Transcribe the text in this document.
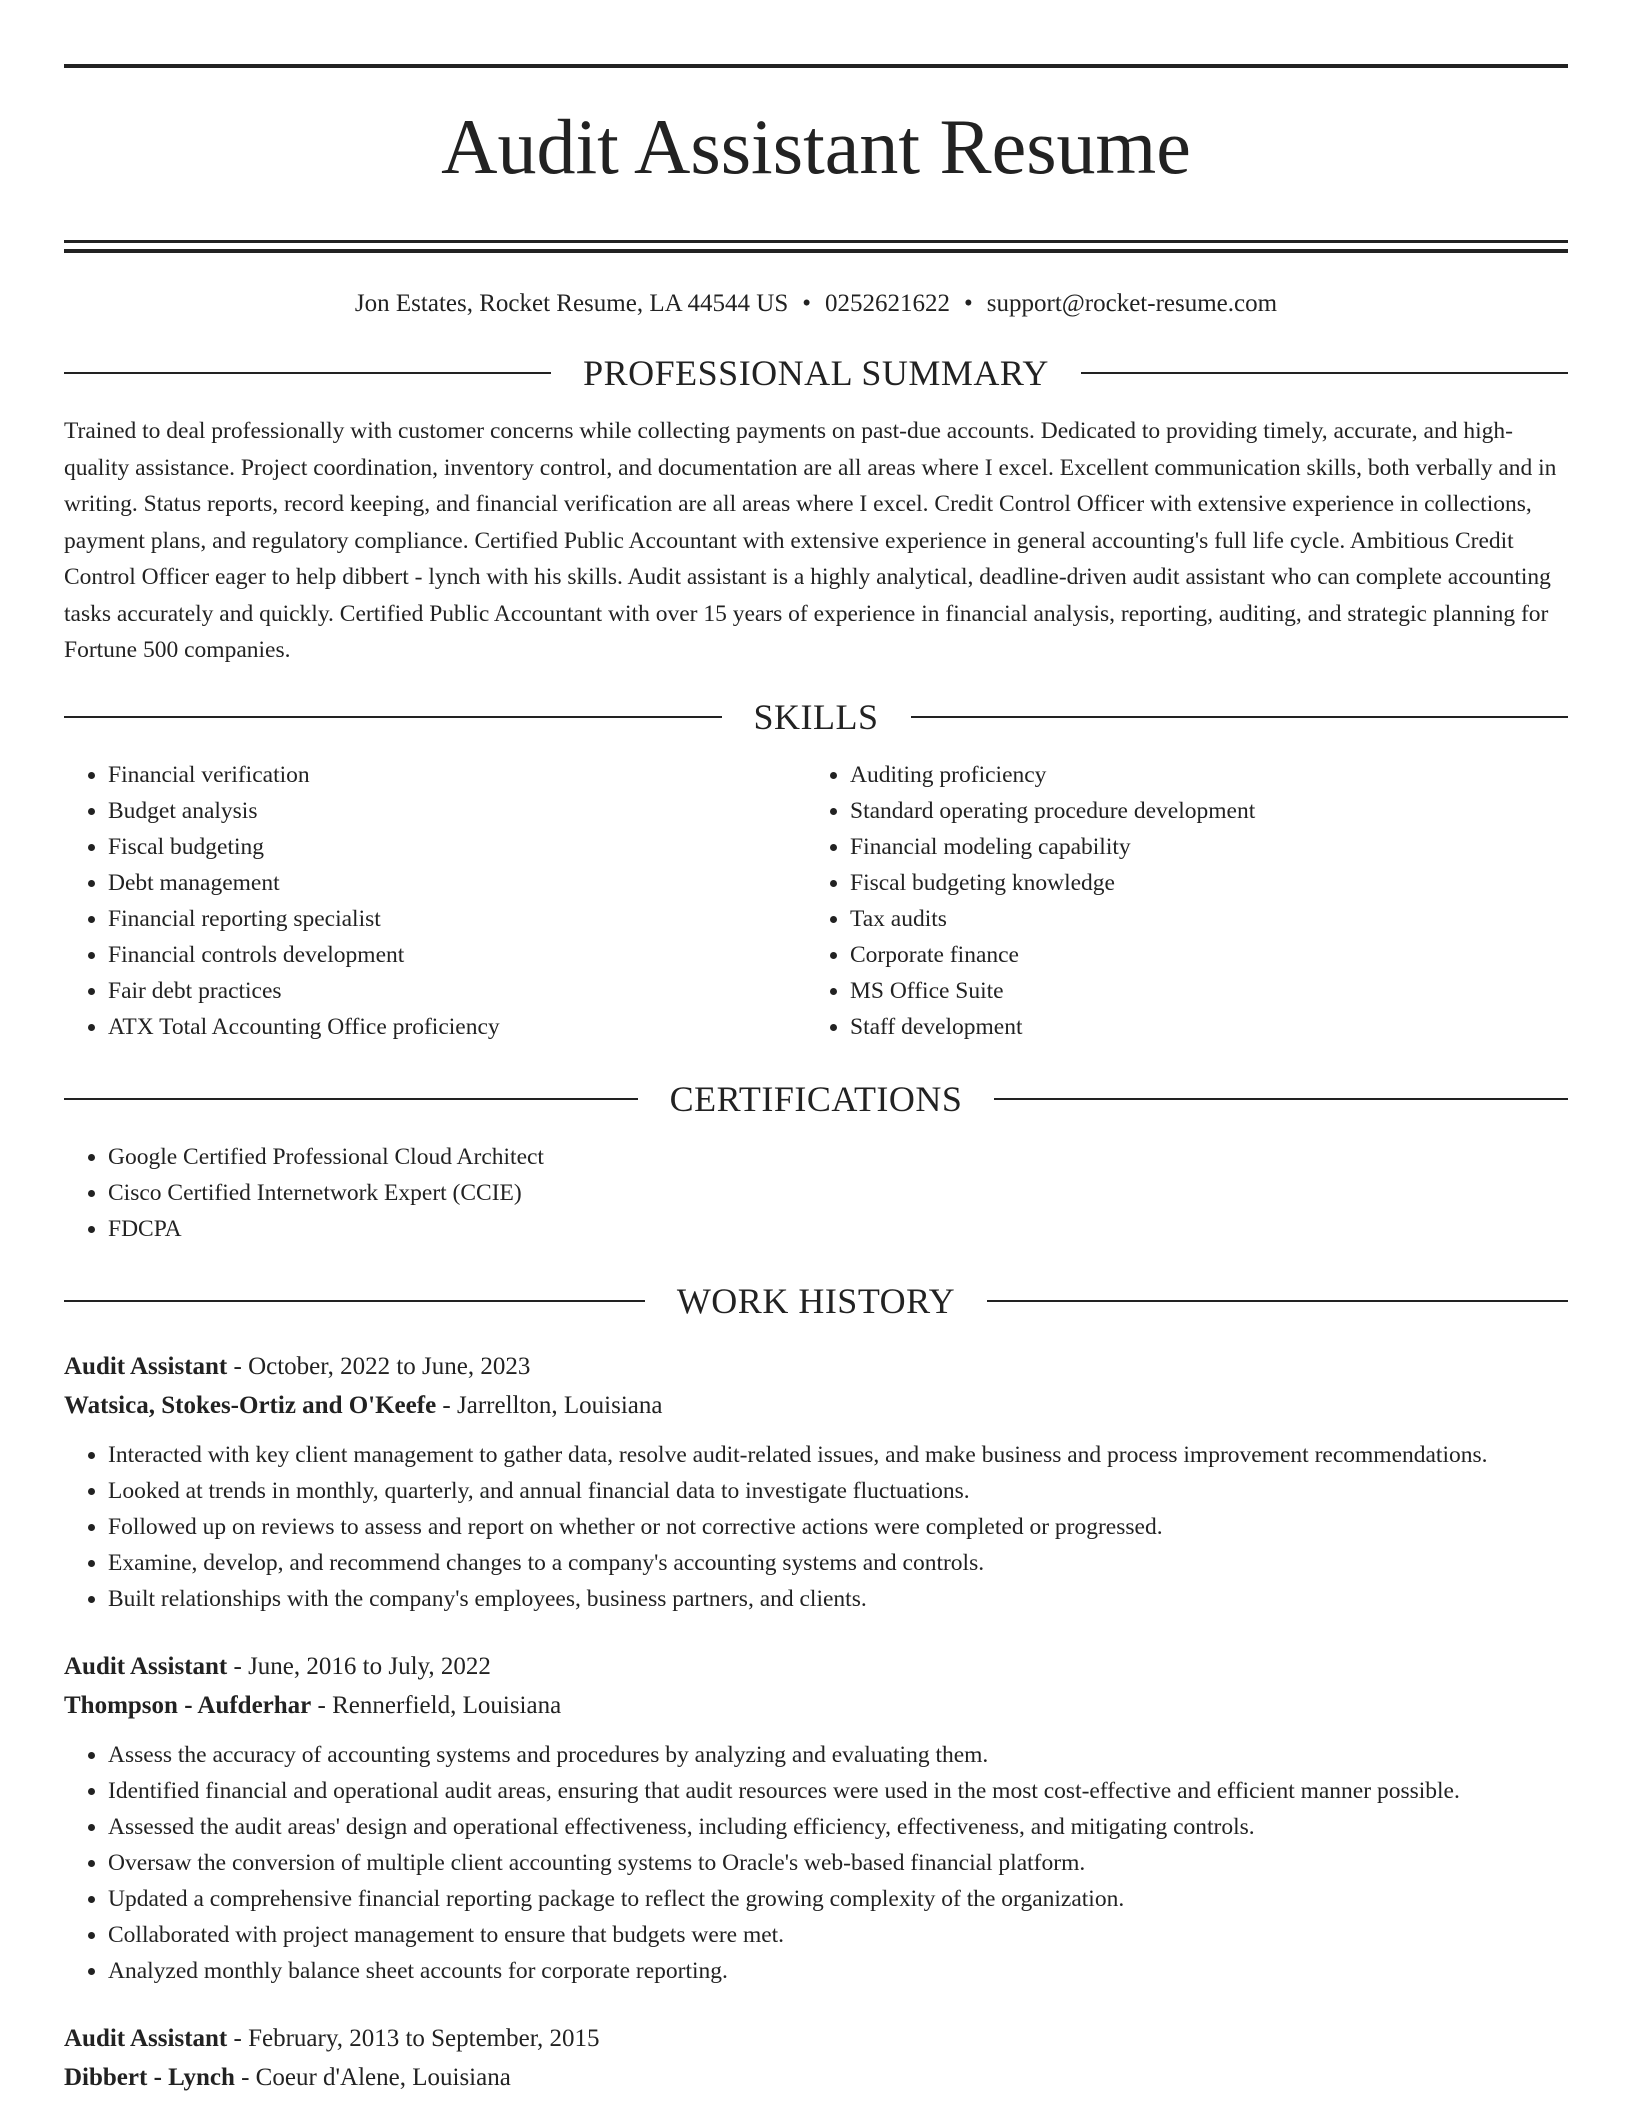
Audit Assistant Resume
Jon Estates, Rocket Resume, LA 44544 US • 0252621622 • support@rocket-resume.com
PROFESSIONAL SUMMARY

Trained to deal professionally with customer concerns while collecting payments on past-due accounts. Dedicated to providing timely, accurate, and high-quality assistance. Project coordination, inventory control, and documentation are all areas where I excel. Excellent communication skills, both verbally and in writing. Status reports, record keeping, and financial verification are all areas where I excel. Credit Control Officer with extensive experience in collections, payment plans, and regulatory compliance. Certified Public Accountant with extensive experience in general accounting's full life cycle. Ambitious Credit Control Officer eager to help dibbert - lynch with his skills. Audit assistant is a highly analytical, deadline-driven audit assistant who can complete accounting tasks accurately and quickly. Certified Public Accountant with over 15 years of experience in financial analysis, reporting, auditing, and strategic planning for Fortune 500 companies.

SKILLS
• Financial verification
• Budget analysis
• Fiscal budgeting
• Debt management
• Financial reporting specialist
• Financial controls development
• Fair debt practices
• ATX Total Accounting Office proficiency
• Auditing proficiency
• Standard operating procedure development
• Financial modeling capability
• Fiscal budgeting knowledge
• Tax audits
• Corporate finance
• MS Office Suite
• Staff development
CERTIFICATIONS
• Google Certified Professional Cloud Architect
• Cisco Certified Internetwork Expert (CCIE)
• FDCPA
WORK HISTORY
Audit Assistant - October, 2022 to June, 2023
Watsica, Stokes-Ortiz and O'Keefe - Jarrellton, Louisiana
• Interacted with key client management to gather data, resolve audit-related issues, and make business and process improvement recommendations.
• Looked at trends in monthly, quarterly, and annual financial data to investigate fluctuations.
• Followed up on reviews to assess and report on whether or not corrective actions were completed or progressed.
• Examine, develop, and recommend changes to a company's accounting systems and controls.
• Built relationships with the company's employees, business partners, and clients.
Audit Assistant - June, 2016 to July, 2022
Thompson - Aufderhar - Rennerfield, Louisiana
• Assess the accuracy of accounting systems and procedures by analyzing and evaluating them.
• Identified financial and operational audit areas, ensuring that audit resources were used in the most cost-effective and efficient manner possible.
• Assessed the audit areas' design and operational effectiveness, including efficiency, effectiveness, and mitigating controls.
• Oversaw the conversion of multiple client accounting systems to Oracle's web-based financial platform.
• Updated a comprehensive financial reporting package to reflect the growing complexity of the organization.
• Collaborated with project management to ensure that budgets were met.
• Analyzed monthly balance sheet accounts for corporate reporting.
Audit Assistant - February, 2013 to September, 2015
Dibbert - Lynch - Coeur d'Alene, Louisiana
